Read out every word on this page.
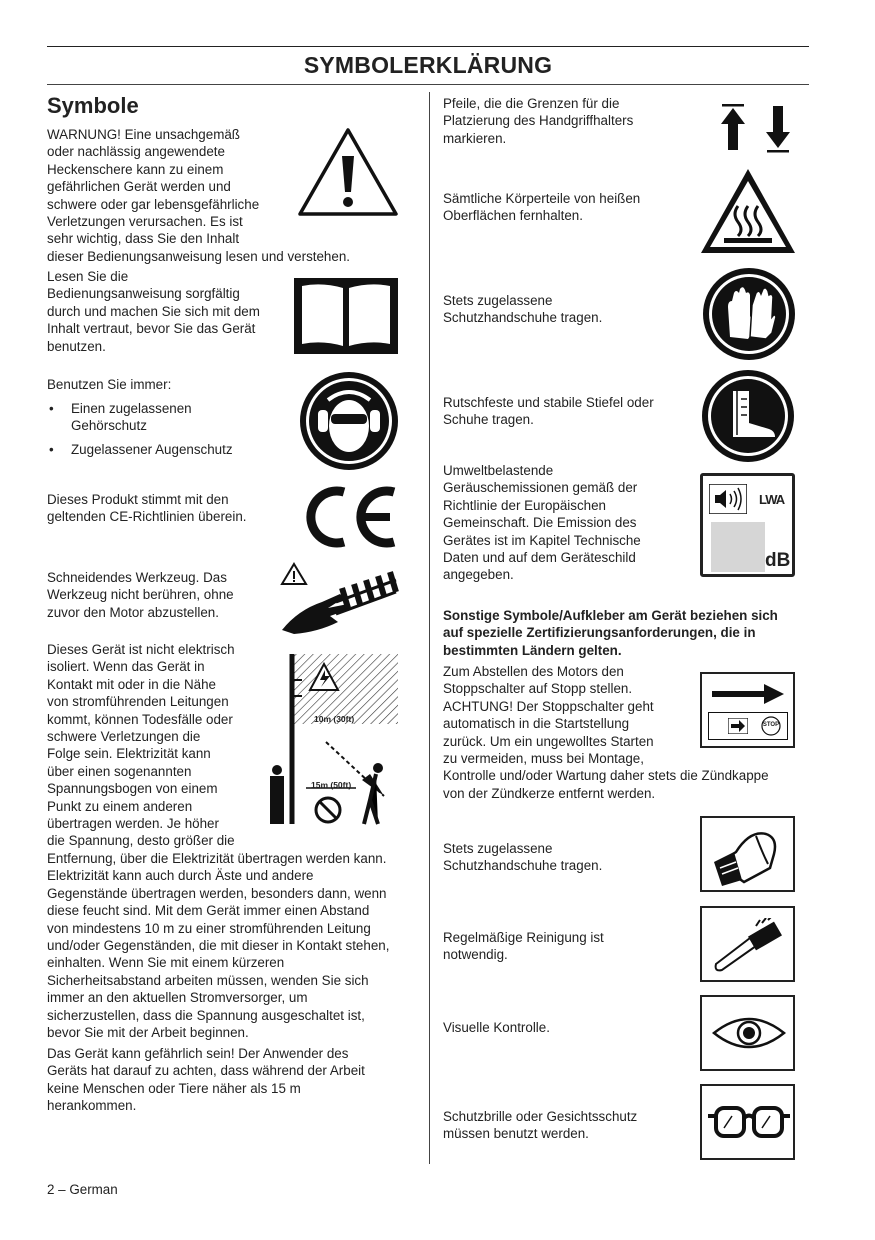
SYMBOLERKLÄRUNG
Symbole
WARNUNG! Eine unsachgemäß
oder nachlässig angewendete
Heckenschere kann zu einem
gefährlichen Gerät werden und
schwere oder gar lebensgefährliche
Verletzungen verursachen. Es ist
sehr wichtig, dass Sie den Inhalt
dieser Bedienungsanweisung lesen und verstehen.
Lesen Sie die
Bedienungsanweisung sorgfältig
durch und machen Sie sich mit dem
Inhalt vertraut, bevor Sie das Gerät
benutzen.
Benutzen Sie immer:
• Einen zugelassenen
Gehörschutz
• Zugelassener Augenschutz
Dieses Produkt stimmt mit den
geltenden CE-Richtlinien überein.
Schneidendes Werkzeug. Das
Werkzeug nicht berühren, ohne
zuvor den Motor abzustellen.
Dieses Gerät ist nicht elektrisch
isoliert. Wenn das Gerät in
Kontakt mit oder in die Nähe
von stromführenden Leitungen
kommt, können Todesfälle oder
schwere Verletzungen die
Folge sein. Elektrizität kann
über einen sogenannten
Spannungsbogen von einem
Punkt zu einem anderen
übertragen werden. Je höher
die Spannung, desto größer die
Entfernung, über die Elektrizität übertragen werden kann.
Elektrizität kann auch durch Äste und andere
Gegenstände übertragen werden, besonders dann, wenn
diese feucht sind. Mit dem Gerät immer einen Abstand
von mindestens 10 m zu einer stromführenden Leitung
und/oder Gegenständen, die mit dieser in Kontakt stehen,
einhalten. Wenn Sie mit einem kürzeren
Sicherheitsabstand arbeiten müssen, wenden Sie sich
immer an den aktuellen Stromversorger, um
sicherzustellen, dass die Spannung ausgeschaltet ist,
bevor Sie mit der Arbeit beginnen.
10m (30ft)
15m (50ft)
Das Gerät kann gefährlich sein! Der Anwender des
Geräts hat darauf zu achten, dass während der Arbeit
keine Menschen oder Tiere näher als 15 m
herankommen.
Pfeile, die die Grenzen für die
Platzierung des Handgriffhalters
markieren.
Sämtliche Körperteile von heißen
Oberflächen fernhalten.
Stets zugelassene
Schutzhandschuhe tragen.
Rutschfeste und stabile Stiefel oder
Schuhe tragen.
Umweltbelastende
Geräuschemissionen gemäß der
Richtlinie der Europäischen
Gemeinschaft. Die Emission des
Gerätes ist im Kapitel Technische
Daten und auf dem Geräteschild
angegeben.
LWA
dB
Sonstige Symbole/Aufkleber am Gerät beziehen sich
auf spezielle Zertifizierungsanforderungen, die in
bestimmten Ländern gelten.
Zum Abstellen des Motors den
Stoppschalter auf Stopp stellen.
ACHTUNG! Der Stoppschalter geht
automatisch in die Startstellung
zurück. Um ein ungewolltes Starten
zu vermeiden, muss bei Montage,
Kontrolle und/oder Wartung daher stets die Zündkappe
von der Zündkerze entfernt werden.
STOP
Stets zugelassene
Schutzhandschuhe tragen.
Regelmäßige Reinigung ist
notwendig.
Visuelle Kontrolle.
Schutzbrille oder Gesichtsschutz
müssen benutzt werden.
2 – German
